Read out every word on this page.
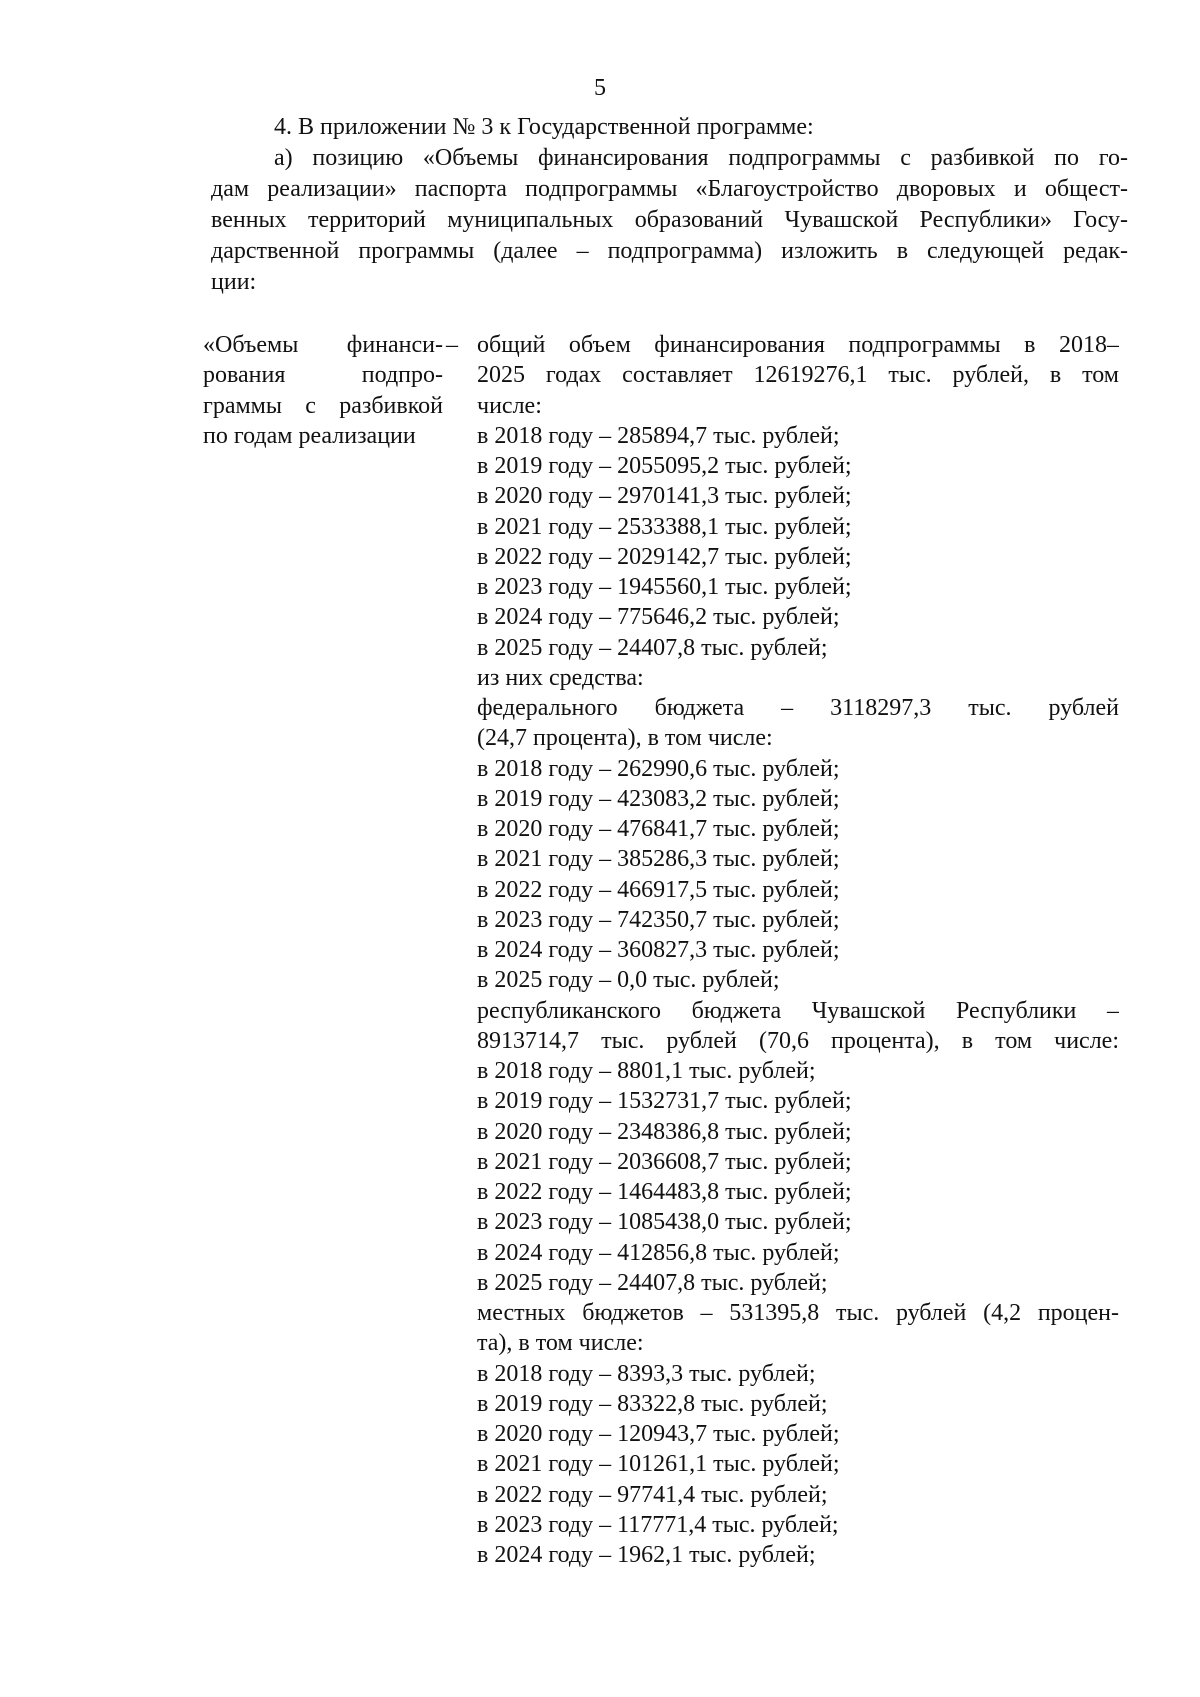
5

4. В приложении № 3 к Государственной программе:

а) позицию «Объемы финансирования подпрограммы с разбивкой по го-
дам реализации» паспорта подпрограммы «Благоустройство дворовых и общест-
венных территорий муниципальных образований Чувашской Республики» Госу-
дарственной программы (далее – подпрограмма) изложить в следующей редак-
ции:
«Объемы финанси-
рования подпро-
граммы с разбивкой
по годам реализации
– общий объем финансирования подпрограммы в 2018–
2025 годах составляет 12619276,1 тыс. рублей, в том
числе:
в 2018 году – 285894,7 тыс. рублей;
в 2019 году – 2055095,2 тыс. рублей;
в 2020 году – 2970141,3 тыс. рублей;
в 2021 году – 2533388,1 тыс. рублей;
в 2022 году – 2029142,7 тыс. рублей;
в 2023 году – 1945560,1 тыс. рублей;
в 2024 году – 775646,2 тыс. рублей;
в 2025 году – 24407,8 тыс. рублей;
из них средства:
федерального бюджета – 3118297,3 тыс. рублей
(24,7 процента), в том числе:
в 2018 году – 262990,6 тыс. рублей;
в 2019 году – 423083,2 тыс. рублей;
в 2020 году – 476841,7 тыс. рублей;
в 2021 году – 385286,3 тыс. рублей;
в 2022 году – 466917,5 тыс. рублей;
в 2023 году – 742350,7 тыс. рублей;
в 2024 году – 360827,3 тыс. рублей;
в 2025 году – 0,0 тыс. рублей;
республиканского бюджета Чувашской Республики –
8913714,7 тыс. рублей (70,6 процента), в том числе:
в 2018 году – 8801,1 тыс. рублей;
в 2019 году – 1532731,7 тыс. рублей;
в 2020 году – 2348386,8 тыс. рублей;
в 2021 году – 2036608,7 тыс. рублей;
в 2022 году – 1464483,8 тыс. рублей;
в 2023 году – 1085438,0 тыс. рублей;
в 2024 году – 412856,8 тыс. рублей;
в 2025 году – 24407,8 тыс. рублей;
местных бюджетов – 531395,8 тыс. рублей (4,2 процен-
та), в том числе:
в 2018 году – 8393,3 тыс. рублей;
в 2019 году – 83322,8 тыс. рублей;
в 2020 году – 120943,7 тыс. рублей;
в 2021 году – 101261,1 тыс. рублей;
в 2022 году – 97741,4 тыс. рублей;
в 2023 году – 117771,4 тыс. рублей;
в 2024 году – 1962,1 тыс. рублей;
